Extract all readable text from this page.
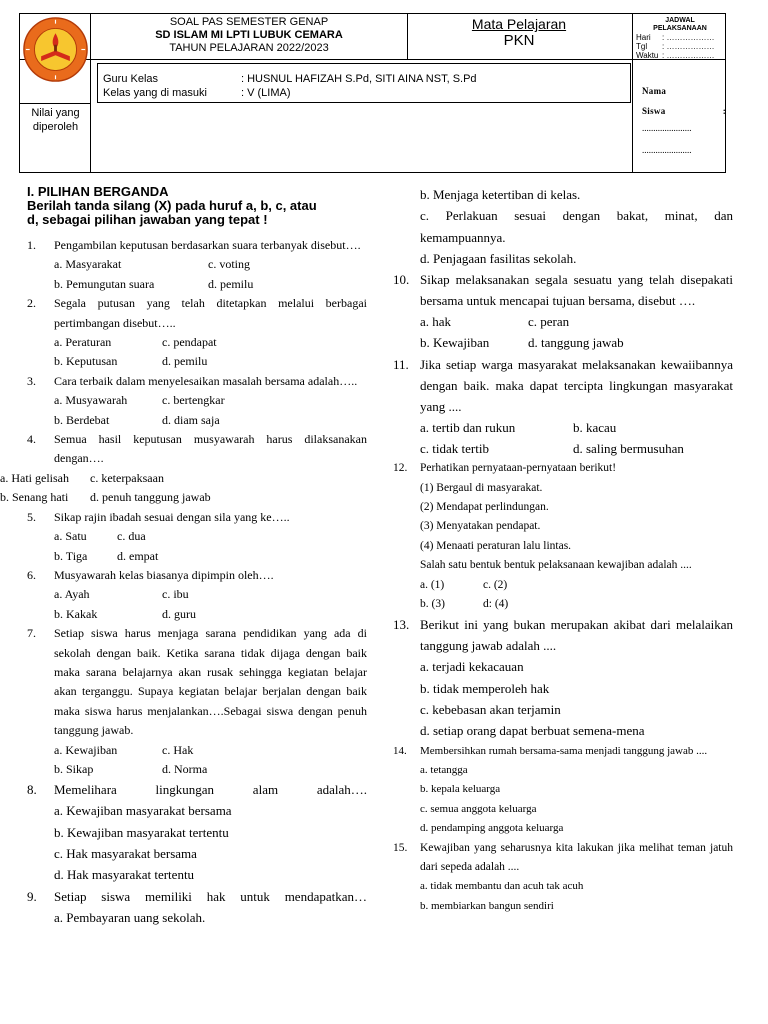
SOAL PAS SEMESTER GENAP
SD ISLAM MI LPTI LUBUK CEMARA
TAHUN PELAJARAN 2022/2023
Mata Pelajaran
PKN
JADWAL
PELAKSANAAN
Hari	: ………………
Tgl	: ………………
Waktu : ………………
Guru Kelas	: HUSNUL HAFIZAH S.Pd, SITI AINA NST, S.Pd
Kelas yang di masuki	: V (LIMA)
Nilai yang
diperoleh
Nama
Siswa	:
......................
......................
I. PILIHAN BERGANDA
Berilah tanda silang (X) pada huruf a, b, c, atau
d, sebagai pilihan jawaban yang tepat !
1.	Pengambilan keputusan berdasarkan suara terbanyak disebut….
a. Masyarakat	c. voting
b. Pemungutan suara	d. pemilu
2.	Segala putusan yang telah ditetapkan melalui berbagai pertimbangan disebut…..
a. Peraturan	c. pendapat
b. Keputusan	d. pemilu
3.	Cara terbaik dalam menyelesaikan masalah bersama adalah…..
a. Musyawarah	c. bertengkar
b. Berdebat	d. diam saja
4.	Semua hasil keputusan musyawarah harus dilaksanakan dengan….
a. Hati gelisah	c. keterpaksaan
b. Senang hati	d. penuh tanggung jawab
5.	Sikap rajin ibadah sesuai dengan sila yang ke…..
a. Satu	c. dua
b. Tiga	d. empat
6.	Musyawarah kelas biasanya dipimpin oleh….
a. Ayah	c. ibu
b. Kakak	d. guru
7.	Setiap siswa harus menjaga sarana pendidikan yang ada di sekolah dengan baik. Ketika sarana tidak dijaga dengan baik maka sarana belajarnya akan rusak sehingga kegiatan belajar akan terganggu. Supaya kegiatan belajar berjalan dengan baik maka siswa harus menjalankan….Sebagai siswa dengan penuh tanggung jawab.
a. Kewajiban	c. Hak
b. Sikap	d. Norma
8.	Memelihara lingkungan alam adalah….
a. Kewajiban masyarakat bersama
b. Kewajiban masyarakat tertentu
c. Hak masyarakat bersama
d. Hak masyarakat tertentu
9.	Setiap siswa memiliki hak untuk mendapatkan…
a. Pembayaran uang sekolah.
b. Menjaga ketertiban di kelas.
c. Perlakuan sesuai dengan bakat, minat, dan kemampuannya.
d. Penjagaan fasilitas sekolah.
10. Sikap melaksanakan segala sesuatu yang telah disepakati bersama untuk mencapai tujuan bersama, disebut ….
a. hak	c. peran
b. Kewajiban	d. tanggung jawab
11. Jika setiap warga masyarakat melaksanakan kewaiibannya dengan baik. maka dapat tercipta lingkungan masyarakat yang ....
a. tertib dan rukun	b. kacau
c. tidak tertib	d. saling bermusuhan
12.	Perhatikan pernyataan-pernyataan berikut!
(1) Bergaul di masyarakat.
(2) Mendapat perlindungan.
(3) Menyatakan pendapat.
(4) Menaati peraturan lalu lintas.
Salah satu bentuk bentuk pelaksanaan kewajiban adalah ....
a. (1)	c. (2)
b. (3)	d: (4)
13. Berikut ini yang bukan merupakan akibat dari melalaikan tanggung jawab adalah ....
a. terjadi kekacauan
b. tidak memperoleh hak
c. kebebasan akan terjamin
d. setiap orang dapat berbuat semena-mena
14.	Membersihkan rumah bersama-sama menjadi tanggung jawab ....
a. tetangga
b. kepala keluarga
c. semua anggota keluarga
d. pendamping anggota keluarga
15.	Kewajiban yang seharusnya kita lakukan jika melihat teman jatuh dari sepeda adalah ....
a. tidak membantu dan acuh tak acuh
b. membiarkan bangun sendiri
